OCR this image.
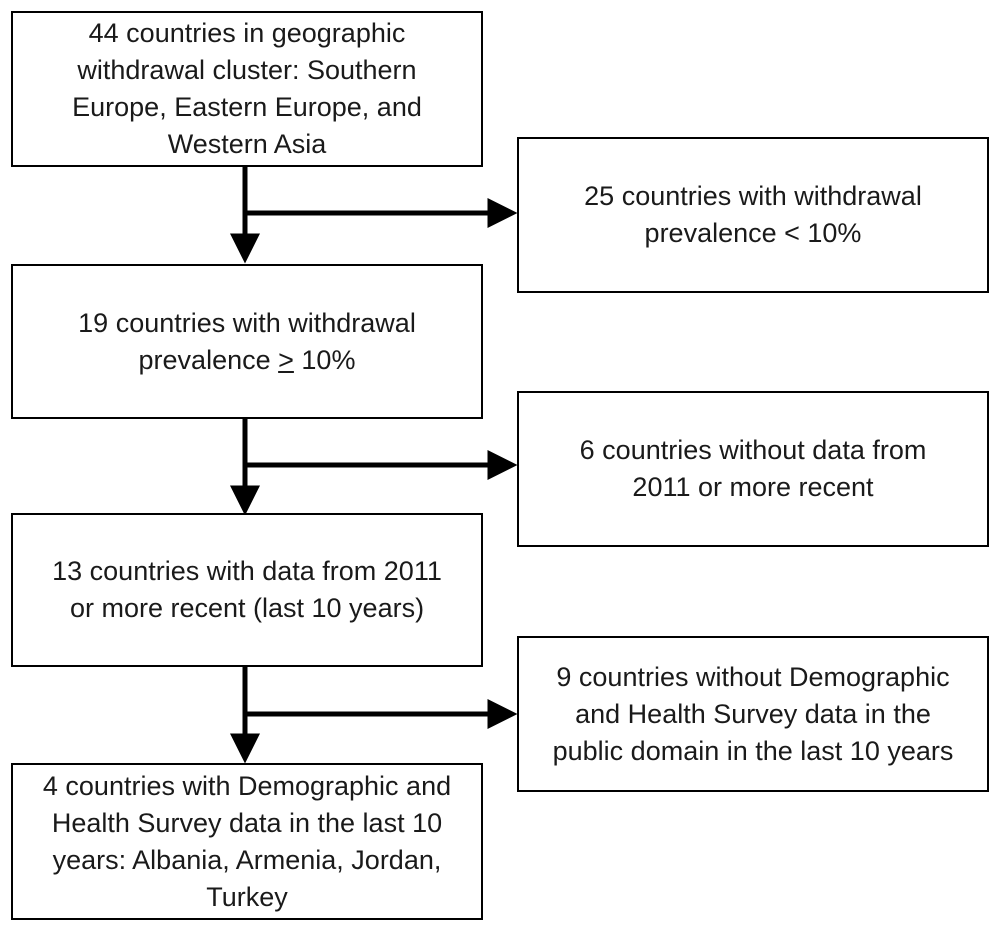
44 countries in geographic
withdrawal cluster: Southern
Europe, Eastern Europe, and
Western Asia
19 countries with withdrawal
prevalence ≥ 10%
13 countries with data from 2011
or more recent (last 10 years)
4 countries with Demographic and
Health Survey data in the last 10
years: Albania, Armenia, Jordan,
Turkey
25 countries with withdrawal
prevalence < 10%
6 countries without data from
2011 or more recent
9 countries without Demographic
and Health Survey data in the
public domain in the last 10 years
